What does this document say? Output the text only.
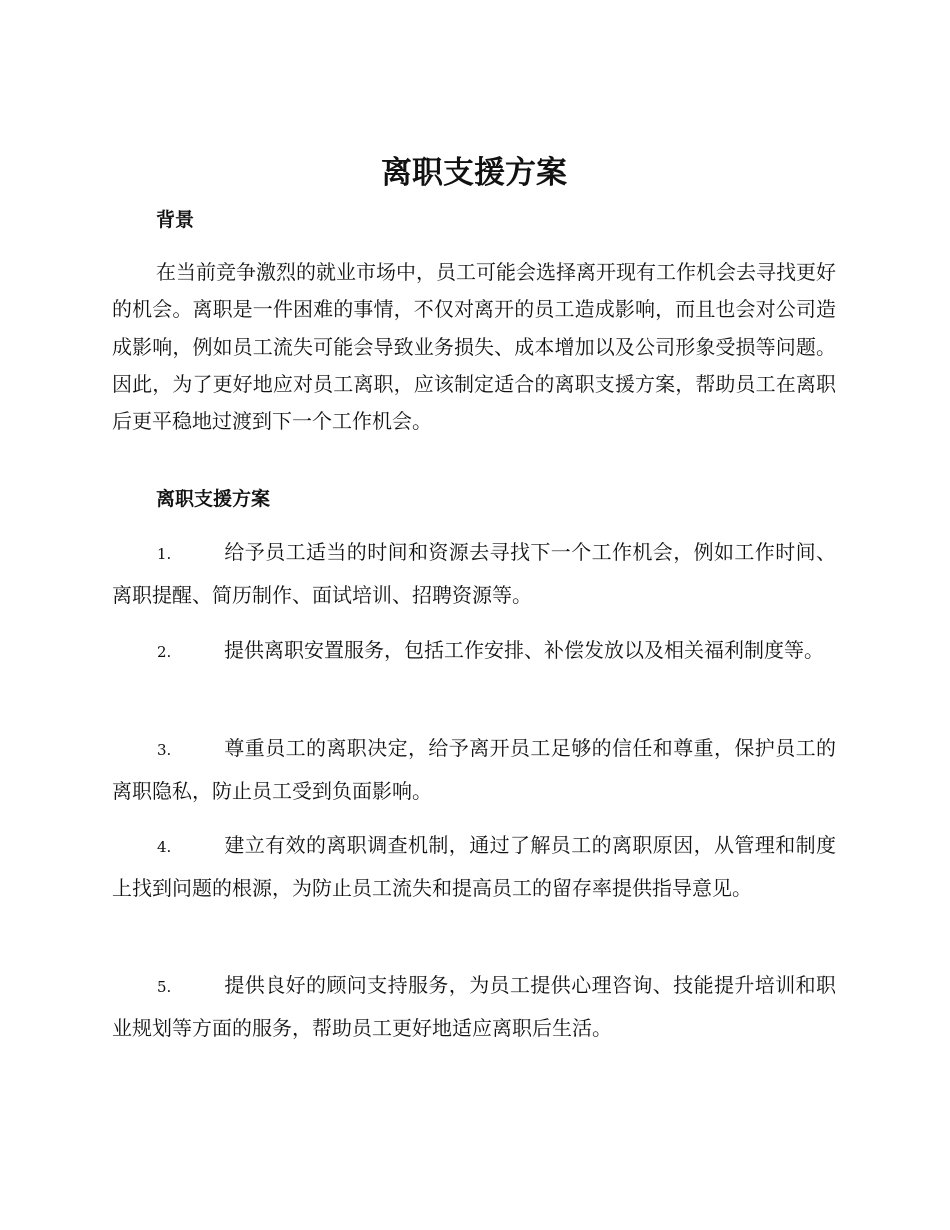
离职支援方案
背景

在当前竞争激烈的就业市场中，员工可能会选择离开现有工作机会去寻找更好的机会。离职是一件困难的事情，不仅对离开的员工造成影响，而且也会对公司造成影响，例如员工流失可能会导致业务损失、成本增加以及公司形象受损等问题。因此，为了更好地应对员工离职，应该制定适合的离职支援方案，帮助员工在离职后更平稳地过渡到下一个工作机会。

离职支援方案

1.	给予员工适当的时间和资源去寻找下一个工作机会，例如工作时间、离职提醒、简历制作、面试培训、招聘资源等。

2.	提供离职安置服务，包括工作安排、补偿发放以及相关福利制度等。

3.	尊重员工的离职决定，给予离开员工足够的信任和尊重，保护员工的离职隐私，防止员工受到负面影响。

4.	建立有效的离职调查机制，通过了解员工的离职原因，从管理和制度上找到问题的根源，为防止员工流失和提高员工的留存率提供指导意见。

5.	提供良好的顾问支持服务，为员工提供心理咨询、技能提升培训和职业规划等方面的服务，帮助员工更好地适应离职后生活。
